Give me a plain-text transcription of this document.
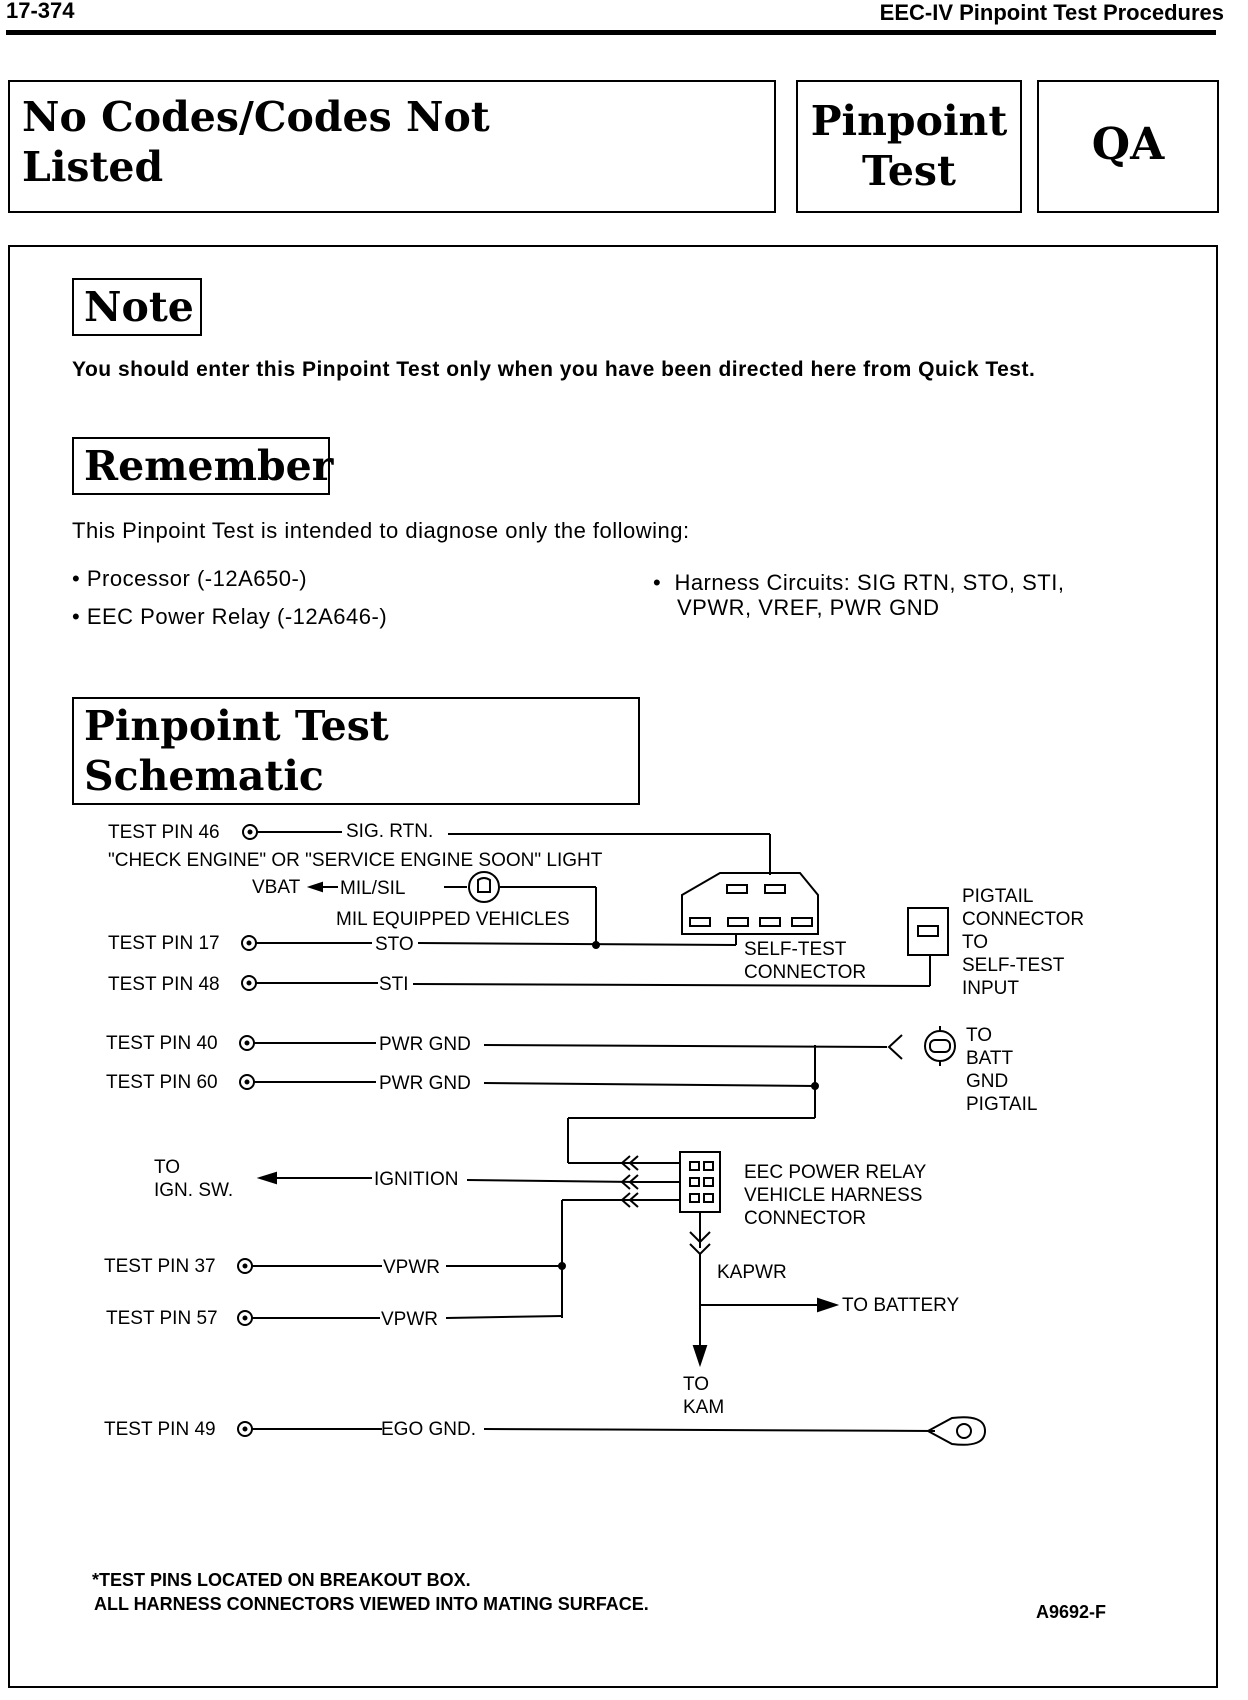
17-374	EEC-IV Pinpoint Test Procedures
No Codes/Codes Not Listed
Pinpoint Test
QA
Note
You should enter this Pinpoint Test only when you have been directed here from Quick Test.
Remember
This Pinpoint Test is intended to diagnose only the following:
• Processor (-12A650-)
• EEC Power Relay (-12A646-)
•  Harness Circuits: SIG RTN, STO, STI, VPWR, VREF, PWR GND
Pinpoint Test Schematic
TEST PIN 46	SIG. RTN.
"CHECK ENGINE" OR "SERVICE ENGINE SOON" LIGHT
VBAT MIL/SIL
MIL EQUIPPED VEHICLES
TEST PIN 17	STO
TEST PIN 48	STI
SELF-TEST
CONNECTOR
PIGTAIL
CONNECTOR
TO
SELF-TEST
INPUT
TEST PIN 40	PWR GND
TEST PIN 60	PWR GND
TO
BATT
GND
PIGTAIL
TO
IGN. SW.
IGNITION	EEC POWER RELAY
VEHICLE HARNESS
CONNECTOR
TEST PIN 37	VPWR	KAPWR
TO BATTERY
TEST PIN 57	VPWR
TO
KAM
TEST PIN 49	EGO GND.
*TEST PINS LOCATED ON BREAKOUT BOX.
ALL HARNESS CONNECTORS VIEWED INTO MATING SURFACE.	A9692-F
